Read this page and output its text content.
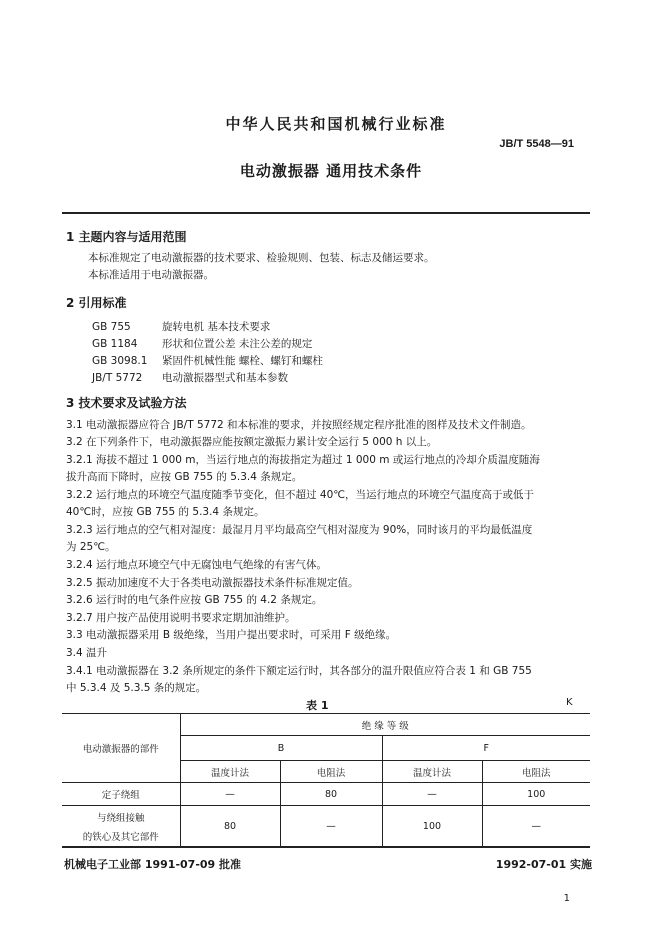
中华人民共和国机械行业标准
JB/T 5548—91
电动激振器 通用技术条件
1 主题内容与适用范围
本标准规定了电动激振器的技术要求、检验规则、包装、标志及储运要求。
本标准适用于电动激振器。
2 引用标准
GB 755	旋转电机 基本技术要求
GB 1184	形状和位置公差 未注公差的规定
GB 3098.1	紧固件机械性能 螺栓、螺钉和螺柱
JB/T 5772	电动激振器型式和基本参数
3 技术要求及试验方法
3.1 电动激振器应符合 JB/T 5772 和本标准的要求，并按照经规定程序批准的图样及技术文件制造。
3.2 在下列条件下，电动激振器应能按额定激振力累计安全运行 5 000 h 以上。
3.2.1 海拔不超过 1 000 m，当运行地点的海拔指定为超过 1 000 m 或运行地点的冷却介质温度随海
拔升高而下降时，应按 GB 755 的 5.3.4 条规定。
3.2.2 运行地点的环境空气温度随季节变化，但不超过 40℃，当运行地点的环境空气温度高于或低于
40℃时，应按 GB 755 的 5.3.4 条规定。
3.2.3 运行地点的空气相对湿度：最湿月月平均最高空气相对湿度为 90%，同时该月的平均最低温度
为 25℃。
3.2.4 运行地点环境空气中无腐蚀电气绝缘的有害气体。
3.2.5 振动加速度不大于各类电动激振器技术条件标准规定值。
3.2.6 运行时的电气条件应按 GB 755 的 4.2 条规定。
3.2.7 用户按产品使用说明书要求定期加油维护。
3.3 电动激振器采用 B 级绝缘，当用户提出要求时，可采用 F 级绝缘。
3.4 温升
3.4.1 电动激振器在 3.2 条所规定的条件下额定运行时，其各部分的温升限值应符合表 1 和 GB 755
中 5.3.4 及 5.3.5 条的规定。
表 1	K
电动激振器的部件	绝 缘 等 级			
	B		F	
	温度计法	电阻法	温度计法	电阻法
定子绕组	—	80	—	100

与绕组接触
的铁心及其它部件	80	—	100	—
机械电子工业部 1991-07-09 批准	1992-07-01 实施
1
